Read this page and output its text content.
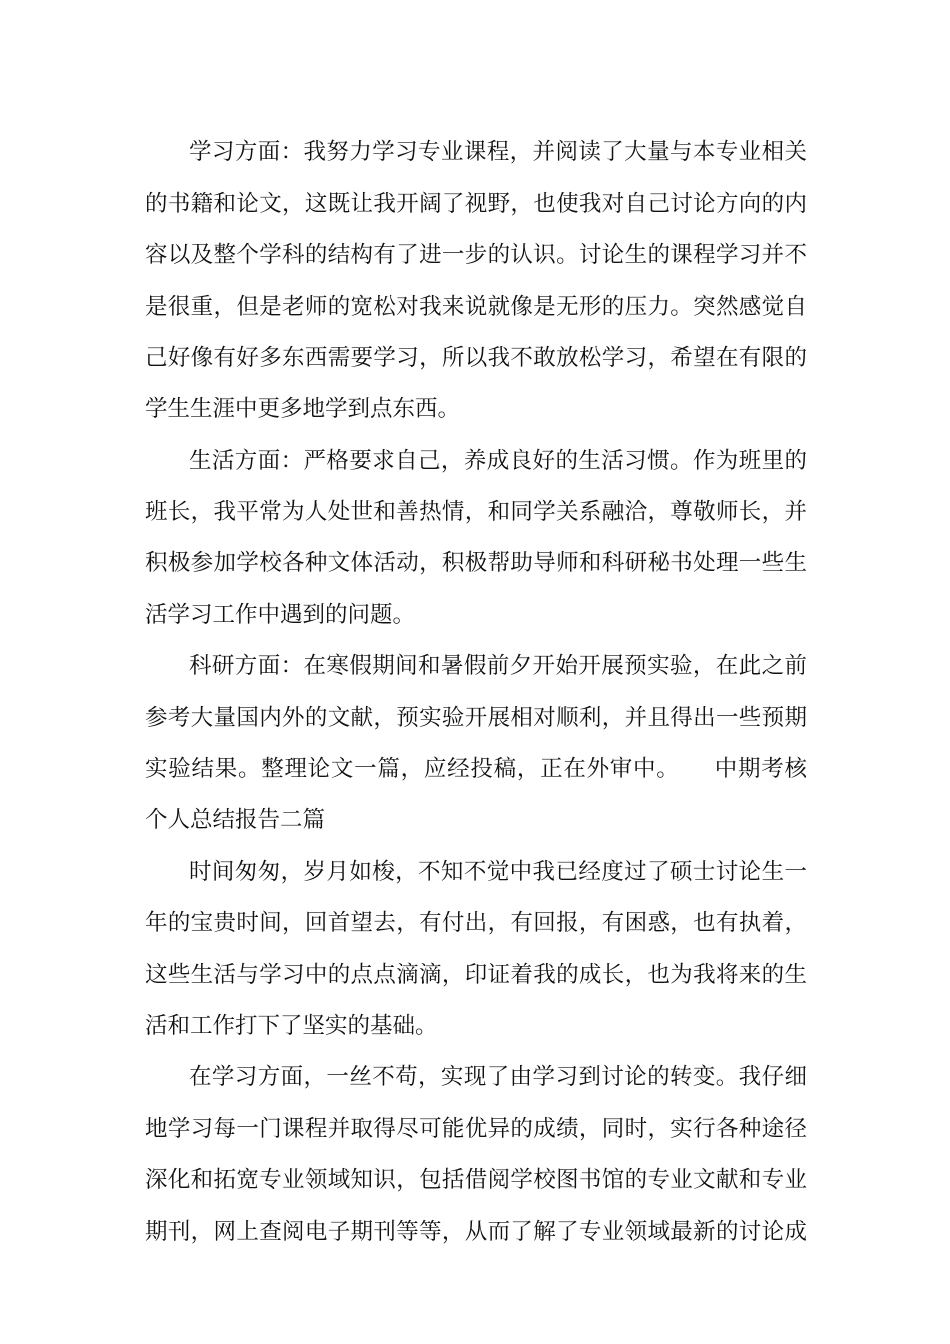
学习方面：我努力学习专业课程，并阅读了大量与本专业相关
的书籍和论文，这既让我开阔了视野，也使我对自己讨论方向的内
容以及整个学科的结构有了进一步的认识。讨论生的课程学习并不
是很重，但是老师的宽松对我来说就像是无形的压力。突然感觉自
己好像有好多东西需要学习，所以我不敢放松学习，希望在有限的
学生生涯中更多地学到点东西。
生活方面：严格要求自己，养成良好的生活习惯。作为班里的
班长，我平常为人处世和善热情，和同学关系融洽，尊敬师长，并
积极参加学校各种文体活动，积极帮助导师和科研秘书处理一些生
活学习工作中遇到的问题。
科研方面：在寒假期间和暑假前夕开始开展预实验，在此之前
参考大量国内外的文献，预实验开展相对顺利，并且得出一些预期
实验结果。整理论文一篇，应经投稿，正在外审中。　　中期考核
个人总结报告二篇
时间匆匆，岁月如梭，不知不觉中我已经度过了硕士讨论生一
年的宝贵时间，回首望去，有付出，有回报，有困惑，也有执着，
这些生活与学习中的点点滴滴，印证着我的成长，也为我将来的生
活和工作打下了坚实的基础。
在学习方面，一丝不苟，实现了由学习到讨论的转变。我仔细
地学习每一门课程并取得尽可能优异的成绩，同时，实行各种途径
深化和拓宽专业领域知识，包括借阅学校图书馆的专业文献和专业
期刊，网上查阅电子期刊等等，从而了解了专业领域最新的讨论成
